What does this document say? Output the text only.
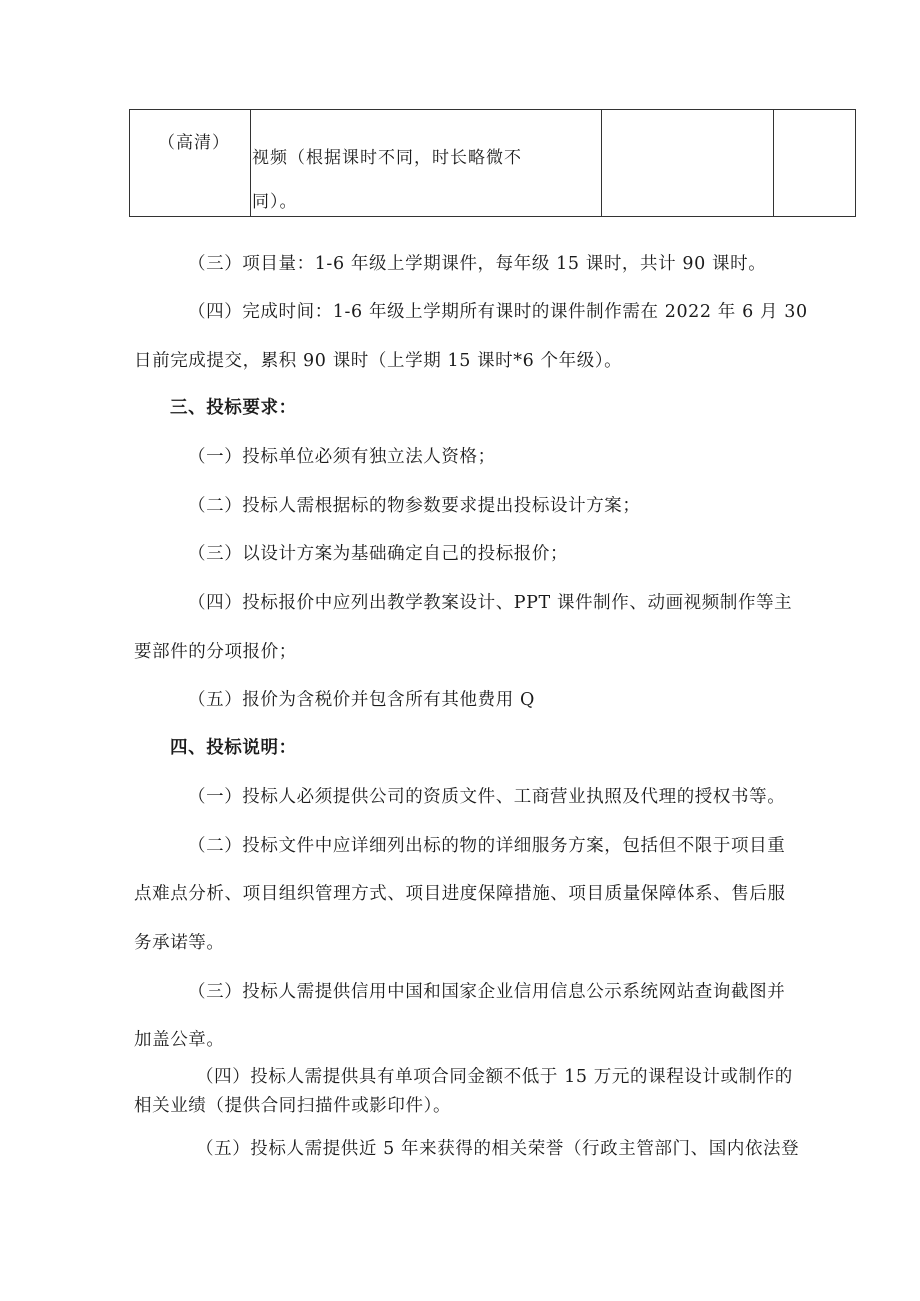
（高清）
视频（根据课时不同，时长略微不
同）。
（三）项目量：1-6 年级上学期课件，每年级 15 课时，共计 90 课时。
（四）完成时间：1-6 年级上学期所有课时的课件制作需在 2022 年 6 月 30
日前完成提交，累积 90 课时（上学期 15 课时*6 个年级）。
三、投标要求：
（一）投标单位必须有独立法人资格；
（二）投标人需根据标的物参数要求提出投标设计方案；
（三）以设计方案为基础确定自己的投标报价；
（四）投标报价中应列出教学教案设计、PPT 课件制作、动画视频制作等主
要部件的分项报价；
（五）报价为含税价并包含所有其他费用 Q
四、投标说明：
（一）投标人必须提供公司的资质文件、工商营业执照及代理的授权书等。
（二）投标文件中应详细列出标的物的详细服务方案，包括但不限于项目重
点难点分析、项目组织管理方式、项目进度保障措施、项目质量保障体系、售后服
务承诺等。
（三）投标人需提供信用中国和国家企业信用信息公示系统网站查询截图并
加盖公章。
（四）投标人需提供具有单项合同金额不低于 15 万元的课程设计或制作的
相关业绩（提供合同扫描件或影印件）。
（五）投标人需提供近 5 年来获得的相关荣誉（行政主管部门、国内依法登
